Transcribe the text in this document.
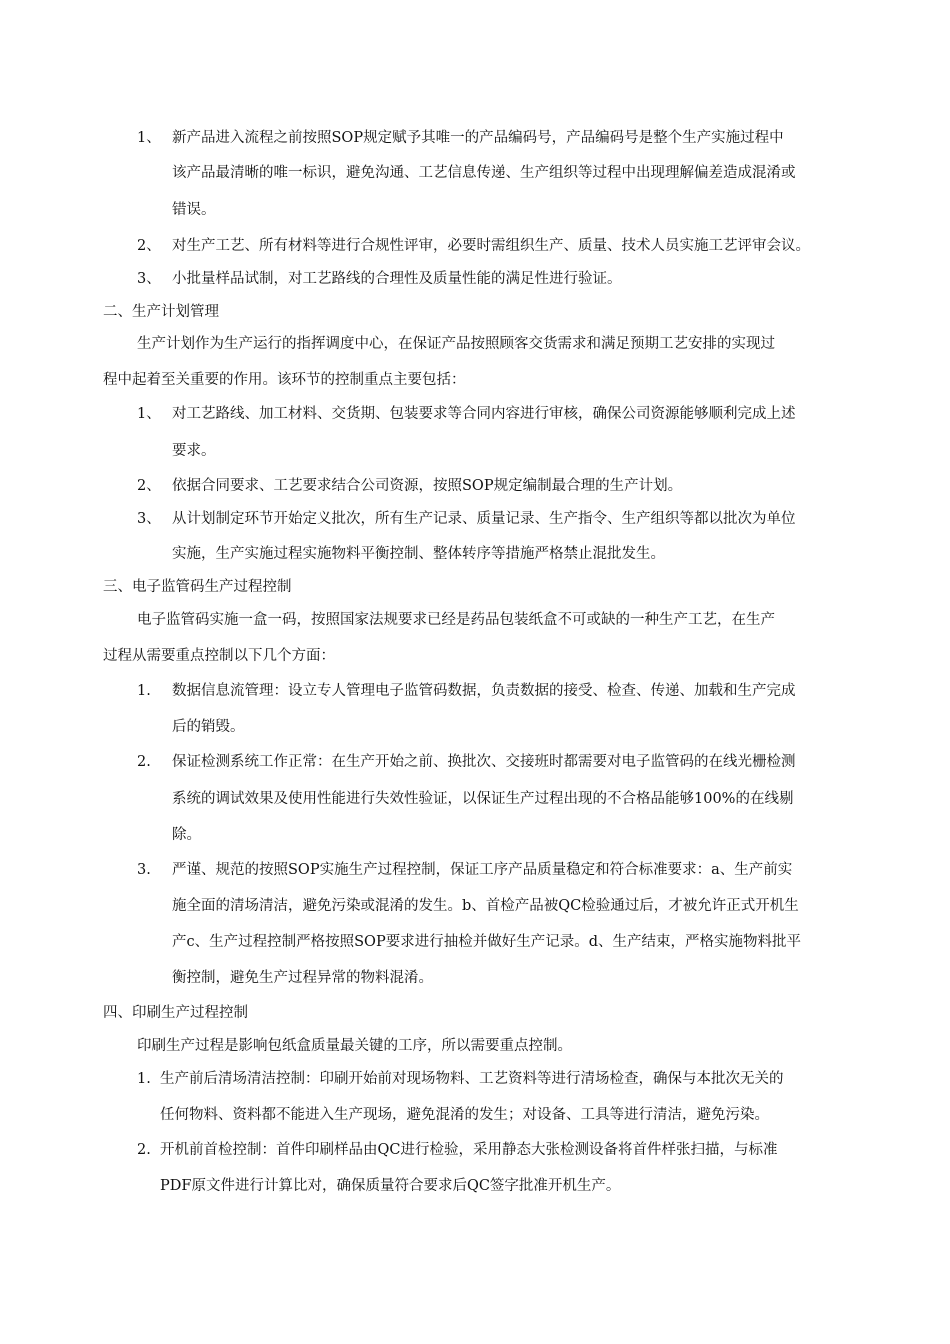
1、 新产品进入流程之前按照SOP规定赋予其唯一的产品编码号，产品编码号是整个生产实施过程中
该产品最清晰的唯一标识，避免沟通、工艺信息传递、生产组织等过程中出现理解偏差造成混淆或
错误。
2、 对生产工艺、所有材料等进行合规性评审，必要时需组织生产、质量、技术人员实施工艺评审会议。
3、 小批量样品试制，对工艺路线的合理性及质量性能的满足性进行验证。
二、生产计划管理
生产计划作为生产运行的指挥调度中心，在保证产品按照顾客交货需求和满足预期工艺安排的实现过
程中起着至关重要的作用。该环节的控制重点主要包括：
1、 对工艺路线、加工材料、交货期、包装要求等合同内容进行审核，确保公司资源能够顺利完成上述
要求。
2、 依据合同要求、工艺要求结合公司资源，按照SOP规定编制最合理的生产计划。
3、 从计划制定环节开始定义批次，所有生产记录、质量记录、生产指令、生产组织等都以批次为单位
实施，生产实施过程实施物料平衡控制、整体转序等措施严格禁止混批发生。
三、电子监管码生产过程控制
电子监管码实施一盒一码，按照国家法规要求已经是药品包装纸盒不可或缺的一种生产工艺，在生产
过程从需要重点控制以下几个方面：
1. 数据信息流管理：设立专人管理电子监管码数据，负责数据的接受、检查、传递、加载和生产完成
后的销毁。
2. 保证检测系统工作正常：在生产开始之前、换批次、交接班时都需要对电子监管码的在线光栅检测
系统的调试效果及使用性能进行失效性验证，以保证生产过程出现的不合格品能够100%的在线剔
除。
3. 严谨、规范的按照SOP实施生产过程控制，保证工序产品质量稳定和符合标准要求：a、生产前实
施全面的清场清洁，避免污染或混淆的发生。b、首检产品被QC检验通过后，才被允许正式开机生
产c、生产过程控制严格按照SOP要求进行抽检并做好生产记录。d、生产结束，严格实施物料批平
衡控制，避免生产过程异常的物料混淆。
四、印刷生产过程控制
印刷生产过程是影响包纸盒质量最关键的工序，所以需要重点控制。
1. 生产前后清场清洁控制：印刷开始前对现场物料、工艺资料等进行清场检查，确保与本批次无关的
任何物料、资料都不能进入生产现场，避免混淆的发生；对设备、工具等进行清洁，避免污染。
2. 开机前首检控制：首件印刷样品由QC进行检验，采用静态大张检测设备将首件样张扫描，与标准
PDF原文件进行计算比对，确保质量符合要求后QC签字批准开机生产。
